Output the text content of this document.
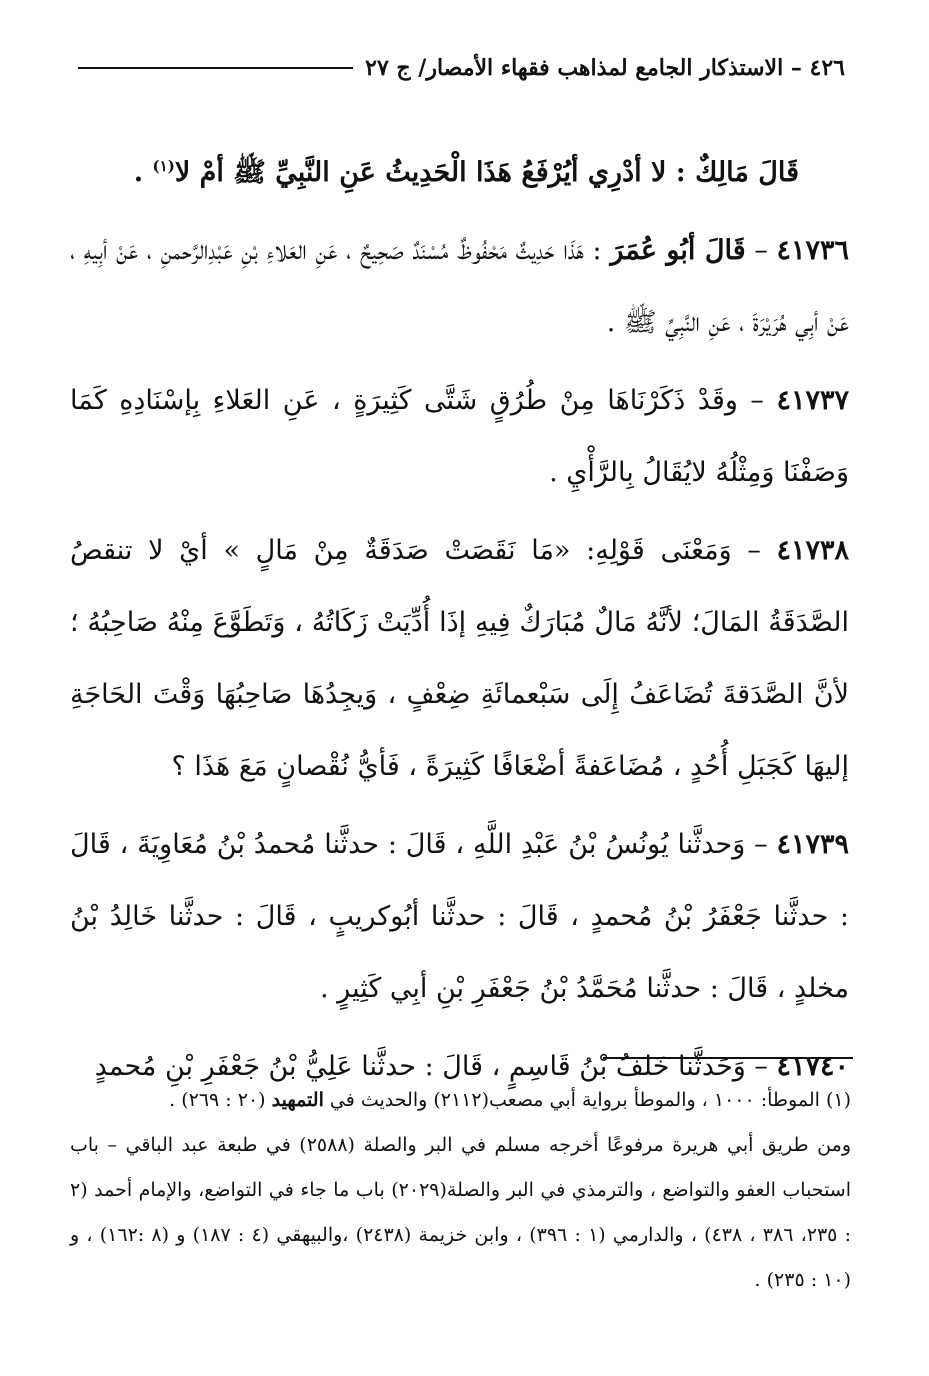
٤٢٦ – الاستذكار الجامع لمذاهب فقهاء الأمصار/ ج ٢٧

قَالَ مَالِكٌ : لا أدْرِي أيُرْفَعُ هَذَا الْحَدِيثُ عَنِ النَّبِيِّ ﷺ أمْ لا$^{(١)}$ .

٤١٧٣٦ – قَالَ أبُو عُمَرَ : هَذَا حَدِيثٌ مَحْفُوظٌ مُسْنَدٌ صَحِيحٌ ، عَنِ العَلاءِ بْنِ عَبْدِالرَّحمنِ ، عَنْ أبِيهِ ، عَنْ أبِي هُرَيْرَةَ ، عَنِ النَّبِيِّ ﷺ .

٤١٧٣٧ – وقَدْ ذَكَرْنَاهَا مِنْ طُرُقٍ شَتَّى كَثِيرَةٍ ، عَنِ العَلاءِ بِإسْنَادِهِ كَمَا وَصَفْنَا وَمِثْلُهُ لايُقَالُ بِالرَّأْيِ .

٤١٧٣٨ – وَمَعْنَى قَوْلِهِ: «مَا نَقَصَتْ صَدَقَةٌ مِنْ مَالٍ » أيْ لا تنقصُ الصَّدَقَةُ المَالَ؛ لأنَّهُ مَالٌ مُبَارَكٌ فِيهِ إذَا أُدِّيَتْ زَكَاتُهُ ، وَتَطَوَّعَ مِنْهُ صَاحِبُهُ ؛ لأنَّ الصَّدَقةَ تُضَاعَفُ إِلَى سَبْعمائَةِ ضِعْفٍ ، وَيجِدُهَا صَاحِبُهَا وَقْتَ الحَاجَةِ إليهَا كَجَبَلِ أُحُدٍ ، مُضَاعَفةً أضْعَافًا كَثِيرَةً ، فَأيُّ نُقْصانٍ مَعَ هَذَا ؟

٤١٧٣٩ – وَحدثَّنا يُونُسُ بْنُ عَبْدِ اللَّهِ ، قَالَ : حدثَّنا مُحمدُ بْنُ مُعَاوِيَةَ ، قَالَ : حدثَّنا جَعْفَرُ بْنُ مُحمدٍ ، قَالَ : حدثَّنا أبُوكريبٍ ، قَالَ : حدثَّنا خَالِدُ بْنُ مخلدٍ ، قَالَ : حدثَّنا مُحَمَّدُ بْنُ جَعْفَرِ بْنِ أبِي كَثِيرٍ .

٤١٧٤٠ – وَحَدثَّنا خَلفُ بْنُ قَاسِمٍ ، قَالَ : حدثَّنا عَلِيُّ بْنُ جَعْفَرِ بْنِ مُحمدٍ

(١) الموطأ: ١٠٠٠ ، والموطأ برواية أبي مصعب(٢١١٢) والحديث في التمهيد (٢٠ : ٢٦٩) .

ومن طريق أبي هريرة مرفوعًا أخرجه مسلم في البر والصلة (٢٥٨٨) في طبعة عبد الباقي – باب استحباب العفو والتواضع ، والترمذي في البر والصلة(٢٠٢٩) باب ما جاء في التواضع، والإمام أحمد (٢ : ٢٣٥، ٣٨٦ ، ٤٣٨) ، والدارمي (١ : ٣٩٦) ، وابن خزيمة (٢٤٣٨) ،والبيهقي (٤ : ١٨٧) و (٨ :١٦٢) ، و (١٠ : ٢٣٥) .
